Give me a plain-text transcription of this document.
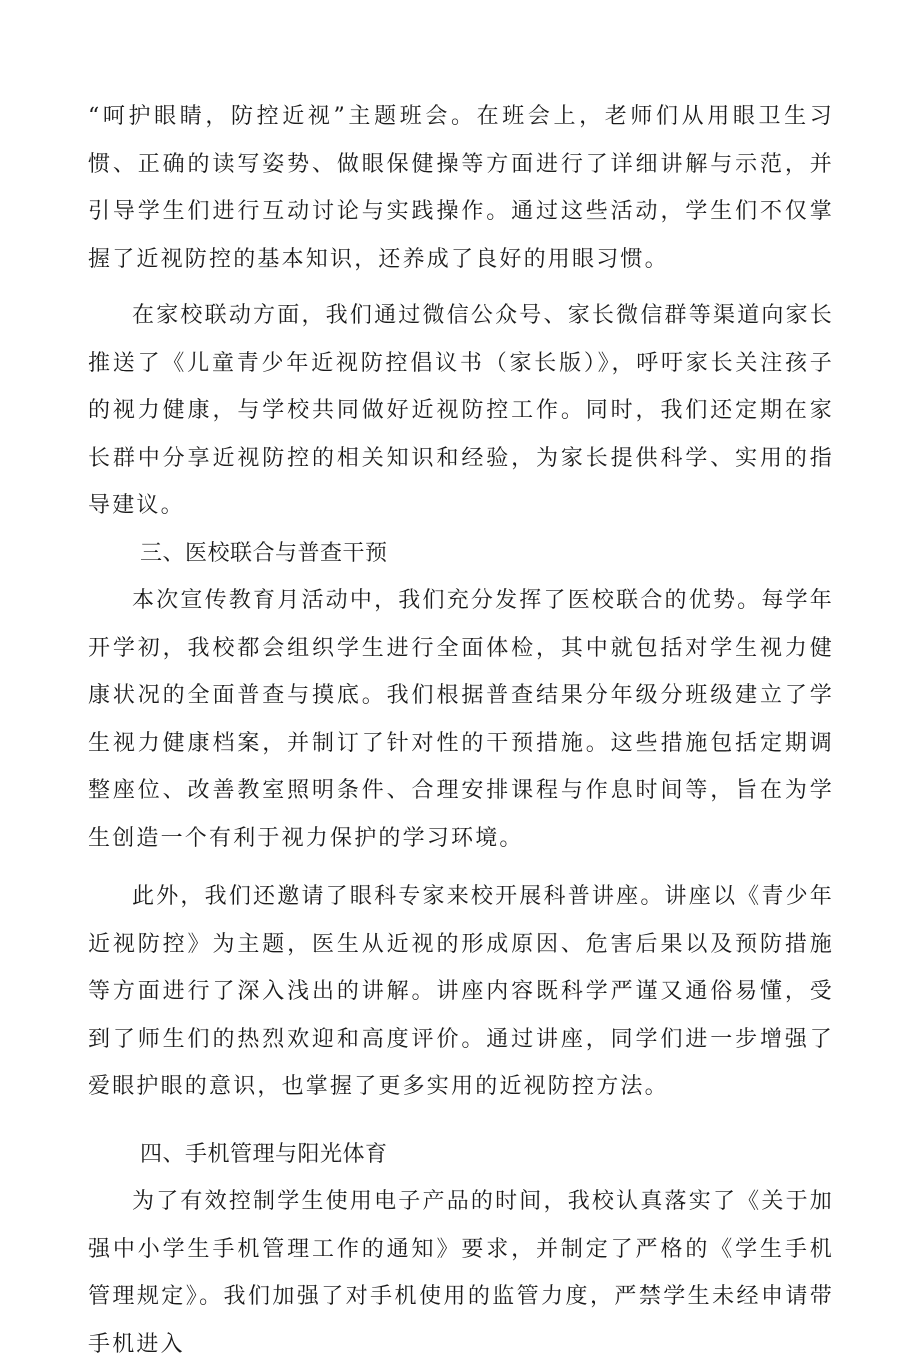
“呵护眼睛，防控近视”主题班会。在班会上，老师们从用眼卫生习惯、正确的读写姿势、做眼保健操等方面进行了详细讲解与示范，并引导学生们进行互动讨论与实践操作。通过这些活动，学生们不仅掌握了近视防控的基本知识，还养成了良好的用眼习惯。

在家校联动方面，我们通过微信公众号、家长微信群等渠道向家长推送了《儿童青少年近视防控倡议书（家长版）》，呼吁家长关注孩子的视力健康，与学校共同做好近视防控工作。同时，我们还定期在家长群中分享近视防控的相关知识和经验，为家长提供科学、实用的指导建议。

三、医校联合与普查干预

本次宣传教育月活动中，我们充分发挥了医校联合的优势。每学年开学初，我校都会组织学生进行全面体检，其中就包括对学生视力健康状况的全面普查与摸底。我们根据普查结果分年级分班级建立了学生视力健康档案，并制订了针对性的干预措施。这些措施包括定期调整座位、改善教室照明条件、合理安排课程与作息时间等，旨在为学生创造一个有利于视力保护的学习环境。

此外，我们还邀请了眼科专家来校开展科普讲座。讲座以《青少年近视防控》为主题，医生从近视的形成原因、危害后果以及预防措施等方面进行了深入浅出的讲解。讲座内容既科学严谨又通俗易懂，受到了师生们的热烈欢迎和高度评价。通过讲座，同学们进一步增强了爱眼护眼的意识，也掌握了更多实用的近视防控方法。

四、手机管理与阳光体育

为了有效控制学生使用电子产品的时间，我校认真落实了《关于加强中小学生手机管理工作的通知》要求，并制定了严格的《学生手机管理规定》。我们加强了对手机使用的监管力度，严禁学生未经申请带手机进入
